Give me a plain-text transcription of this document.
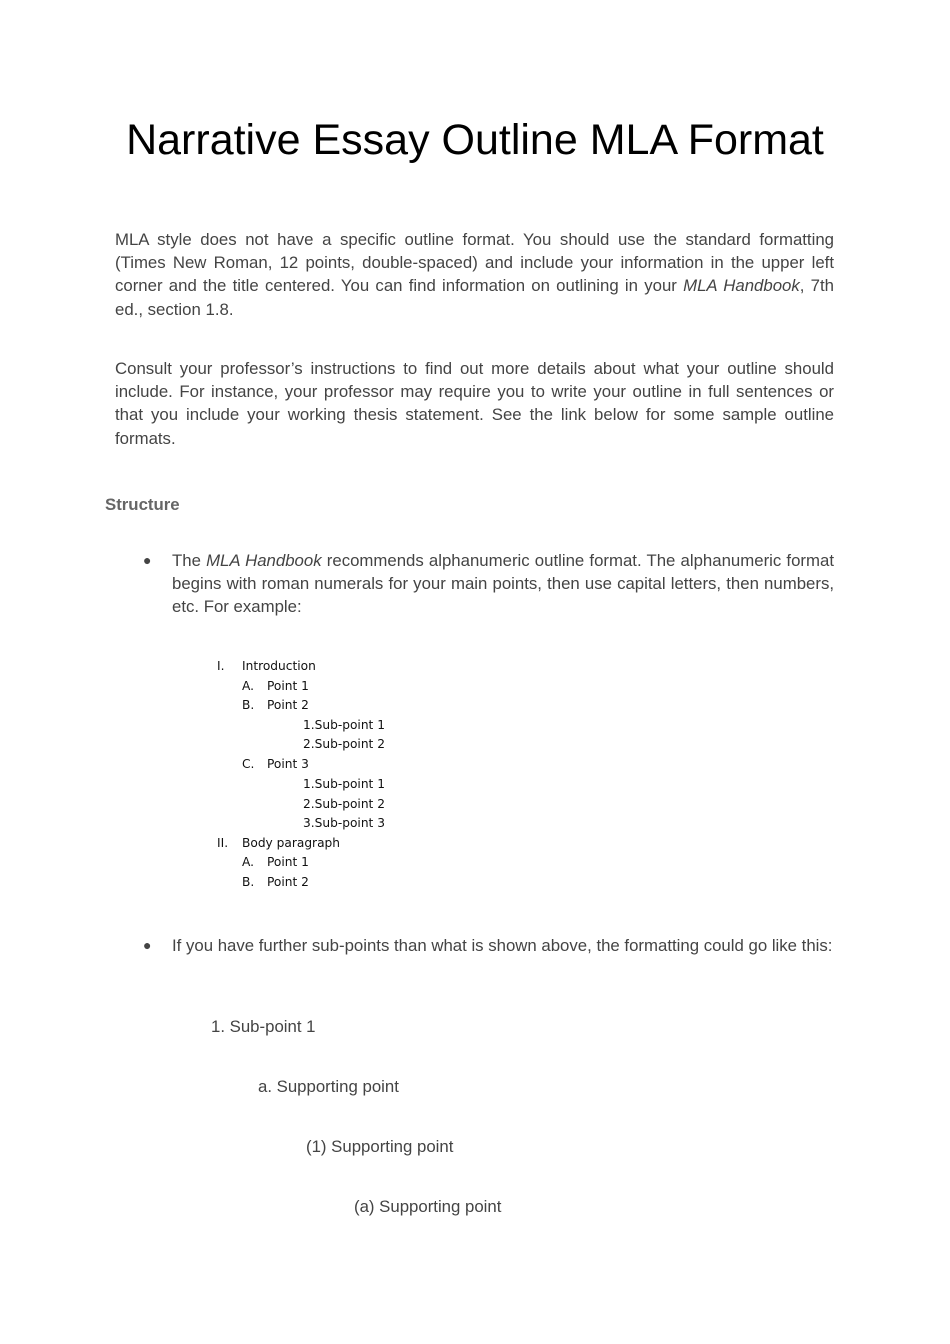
Narrative Essay Outline MLA Format

MLA style does not have a specific outline format. You should use the standard formatting (Times New Roman, 12 points, double-spaced) and include your information in the upper left corner and the title centered. You can find information on outlining in your MLA Handbook, 7th ed., section 1.8.

Consult your professor’s instructions to find out more details about what your outline should include. For instance, your professor may require you to write your outline in full sentences or that you include your working thesis statement. See the link below for some sample outline formats.

Structure
● The MLA Handbook recommends alphanumeric outline format. The alphanumeric format begins with roman numerals for your main points, then use capital letters, then numbers, etc. For example:

I. Introduction
A. Point 1
B. Point 2
1.Sub-point 1
2.Sub-point 2
C. Point 3
1.Sub-point 1
2.Sub-point 2
3.Sub-point 3
II. Body paragraph
A. Point 1
B. Point 2
● If you have further sub-points than what is shown above, the formatting could go like this:

1. Sub-point 1

a. Supporting point

(1) Supporting point

(a) Supporting point
